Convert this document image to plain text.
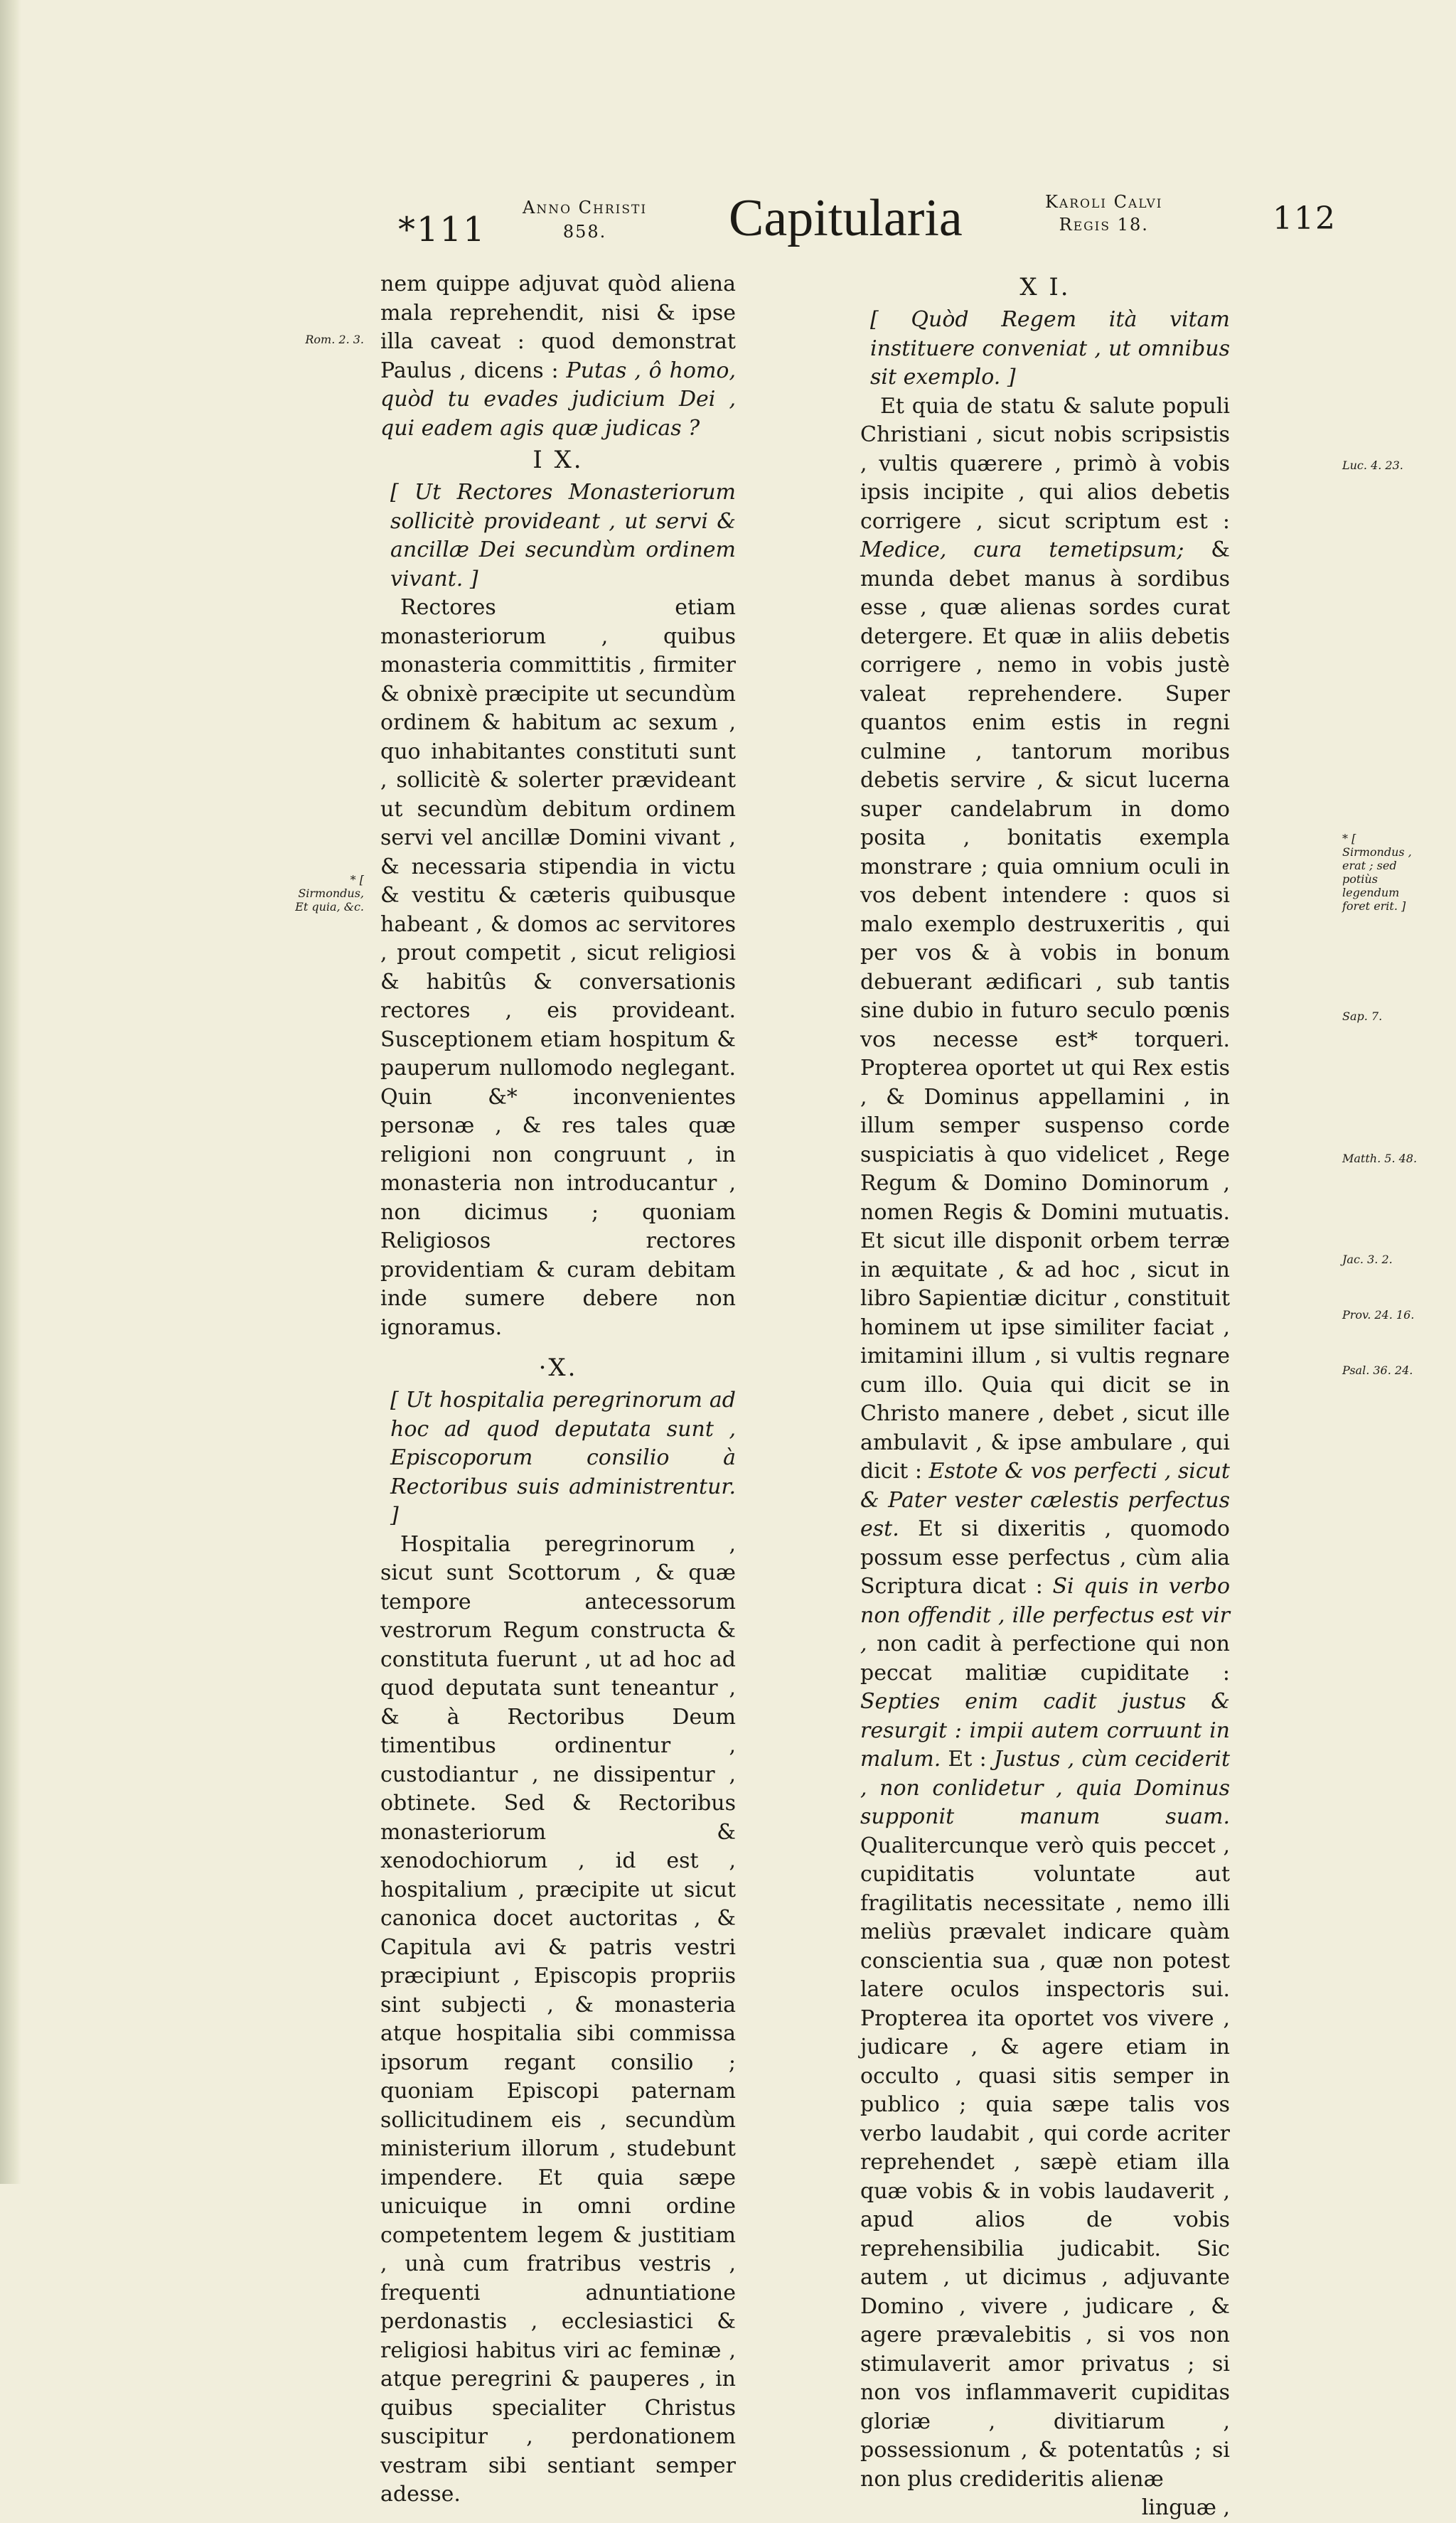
*111
Anno Christi
858.	Capitularia	Karoli Calvi
Regis 18.	112

nem quippe adjuvat quòd aliena mala reprehendit, nisi & ipse illa caveat : quod demonstrat Paulus , dicens : Putas , ô homo, quòd tu evades judicium Dei , qui eadem agis quæ judicas ?

I X.

[ Ut Rectores Monasteriorum sollicitè provideant , ut servi & ancillæ Dei secundùm ordinem vivant. ]

Rectores etiam monasteriorum , quibus monasteria committitis , firmiter & obnixè præcipite ut secundùm ordinem & habitum ac sexum , quo inhabitantes constituti sunt , sollicitè & solerter prævideant ut secundùm debitum ordinem servi vel ancillæ Domini vivant , & necessaria stipendia in victu & vestitu & cæteris quibusque habeant , & domos ac servitores , prout competit , sicut religiosi & habitûs & conversationis rectores , eis provideant. Susceptionem etiam hospitum & pauperum nullomodo neglegant. Quin &* inconvenientes personæ , & res tales quæ religioni non congruunt , in monasteria non introducantur , non dicimus ; quoniam Religiosos rectores providentiam & curam debitam inde sumere debere non ignoramus.

·X.

[ Ut hospitalia peregrinorum ad hoc ad quod deputata sunt , Episcoporum consilio à Rectoribus suis administrentur. ]

Hospitalia peregrinorum , sicut sunt Scottorum , & quæ tempore antecessorum vestrorum Regum constructa & constituta fuerunt , ut ad hoc ad quod deputata sunt teneantur , & à Rectoribus Deum timentibus ordinentur , custodiantur , ne dissipentur , obtinete. Sed & Rectoribus monasteriorum & xenodochiorum , id est , hospitalium , præcipite ut sicut canonica docet auctoritas , & Capitula avi & patris vestri præcipiunt , Episcopis propriis sint subjecti , & monasteria atque hospitalia sibi commissa ipsorum regant consilio ; quoniam Episcopi paternam sollicitudinem eis , secundùm ministerium illorum , studebunt impendere. Et quia sæpe unicuique in omni ordine competentem legem & justitiam , unà cum fratribus vestris , frequenti adnuntiatione perdonastis , ecclesiastici & religiosi habitus viri ac feminæ , atque peregrini & pauperes , in quibus specialiter Christus suscipitur , perdonationem vestram sibi sentiant semper adesse.

X I.

[ Quòd Regem ità vitam instituere conveniat , ut omnibus sit exemplo. ]

Et quia de statu & salute populi Christiani , sicut nobis scripsistis , vultis quærere , primò à vobis ipsis incipite , qui alios debetis corrigere , sicut scriptum est : Medice, cura temetipsum; & munda debet manus à sordibus esse , quæ alienas sordes curat detergere. Et quæ in aliis debetis corrigere , nemo in vobis justè valeat reprehendere. Super quantos enim estis in regni culmine , tantorum moribus debetis servire , & sicut lucerna super candelabrum in domo posita , bonitatis exempla monstrare ; quia omnium oculi in vos debent intendere : quos si malo exemplo destruxeritis , qui per vos & à vobis in bonum debuerant ædificari , sub tantis sine dubio in futuro seculo pœnis vos necesse est* torqueri. Propterea oportet ut qui Rex estis , & Dominus appellamini , in illum semper suspenso corde suspiciatis à quo videlicet , Rege Regum & Domino Dominorum , nomen Regis & Domini mutuatis. Et sicut ille disponit orbem terræ in æquitate , & ad hoc , sicut in libro Sapientiæ dicitur , constituit hominem ut ipse similiter faciat , imitamini illum , si vultis regnare cum illo. Quia qui dicit se in Christo manere , debet , sicut ille ambulavit , & ipse ambulare , qui dicit : Estote & vos perfecti , sicut & Pater vester cælestis perfectus est. Et si dixeritis , quomodo possum esse perfectus , cùm alia Scriptura dicat : Si quis in verbo non offendit , ille perfectus est vir , non cadit à perfectione qui non peccat malitiæ cupiditate : Septies enim cadit justus & resurgit : impii autem corruunt in malum. Et : Justus , cùm ceciderit , non conlidetur , quia Dominus supponit manum suam. Qualitercunque verò quis peccet , cupiditatis voluntate aut fragilitatis necessitate , nemo illi meliùs prævalet indicare quàm conscientia sua , quæ non potest latere oculos inspectoris sui. Propterea ita oportet vos vivere , judicare , & agere etiam in occulto , quasi sitis semper in publico ; quia sæpe talis vos verbo laudabit , qui corde acriter reprehendet , sæpè etiam illa quæ vobis & in vobis laudaverit , apud alios de vobis reprehensibilia judicabit. Sic autem , ut dicimus , adjuvante Domino , vivere , judicare , & agere prævalebitis , si vos non stimulaverit amor privatus ; si non vos inflammaverit cupiditas gloriæ , divitiarum , possessionum , & potentatûs ; si non plus credideritis alienæ

linguæ ,
Rom. 2. 3.
* [ Sirmondus, Et quia, &c.
Luc. 4. 23.
* [ Sirmondus , erat ; sed potiùs legendum foret erit. ]
Sap. 7.
Matth. 5. 48.
Jac. 3. 2.
Prov. 24. 16.
Psal. 36. 24.
